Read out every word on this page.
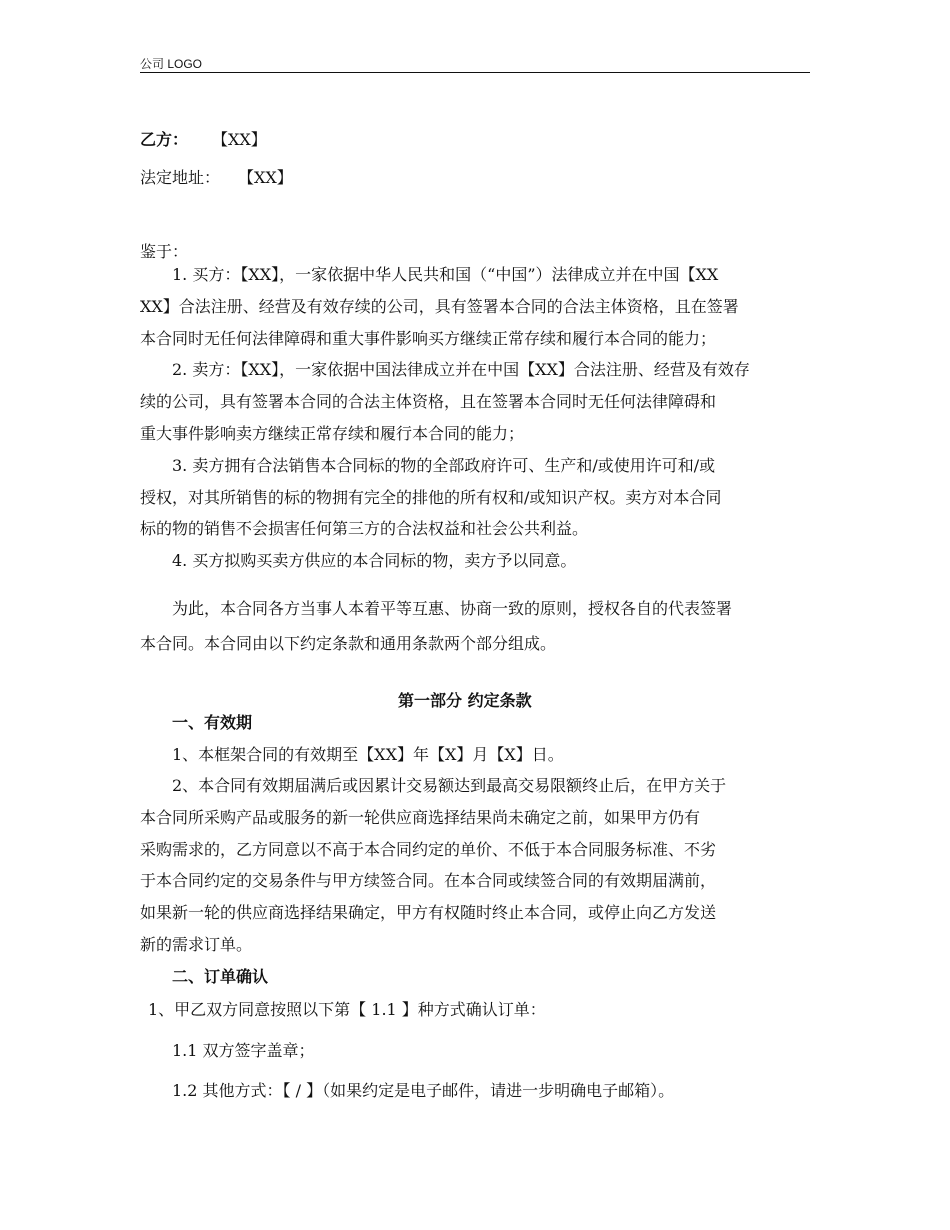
公司 LOGO
乙方： 【XX】
法定地址： 【XX】
鉴于：
1. 买方：【XX】，一家依据中华人民共和国（“中国”）法律成立并在中国【XX
XX】合法注册、经营及有效存续的公司，具有签署本合同的合法主体资格，且在签署
本合同时无任何法律障碍和重大事件影响买方继续正常存续和履行本合同的能力；
2. 卖方：【XX】，一家依据中国法律成立并在中国【XX】合法注册、经营及有效存
续的公司，具有签署本合同的合法主体资格，且在签署本合同时无任何法律障碍和
重大事件影响卖方继续正常存续和履行本合同的能力；
3. 卖方拥有合法销售本合同标的物的全部政府许可、生产和/或使用许可和/或
授权，对其所销售的标的物拥有完全的排他的所有权和/或知识产权。卖方对本合同
标的物的销售不会损害任何第三方的合法权益和社会公共利益。
4. 买方拟购买卖方供应的本合同标的物，卖方予以同意。
为此，本合同各方当事人本着平等互惠、协商一致的原则，授权各自的代表签署
本合同。本合同由以下约定条款和通用条款两个部分组成。
第一部分 约定条款
一、有效期
1、本框架合同的有效期至【XX】年【X】月【X】日。
2、本合同有效期届满后或因累计交易额达到最高交易限额终止后，在甲方关于
本合同所采购产品或服务的新一轮供应商选择结果尚未确定之前，如果甲方仍有
采购需求的，乙方同意以不高于本合同约定的单价、不低于本合同服务标准、不劣
于本合同约定的交易条件与甲方续签合同。在本合同或续签合同的有效期届满前，
如果新一轮的供应商选择结果确定，甲方有权随时终止本合同，或停止向乙方发送
新的需求订单。
二、订单确认
1、甲乙双方同意按照以下第【 1.1 】种方式确认订单：
1.1 双方签字盖章；
1.2 其他方式：【 / 】（如果约定是电子邮件，请进一步明确电子邮箱）。
